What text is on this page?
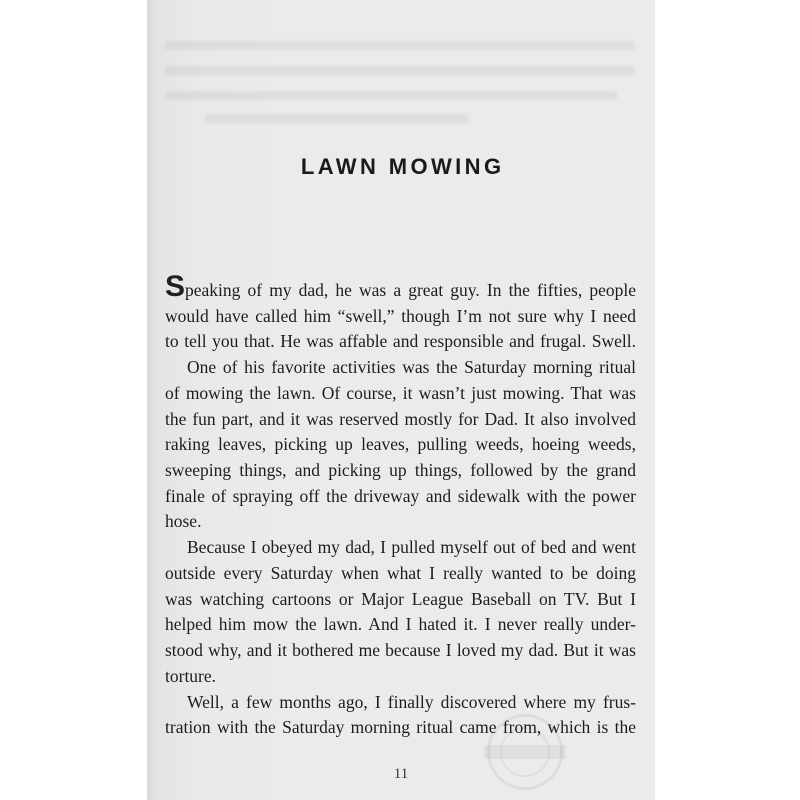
LAWN MOWING
Speaking of my dad, he was a great guy. In the fifties, people
would have called him “swell,” though I’m not sure why I need
to tell you that. He was affable and responsible and frugal. Swell.
One of his favorite activities was the Saturday morning ritual
of mowing the lawn. Of course, it wasn’t just mowing. That was
the fun part, and it was reserved mostly for Dad. It also involved
raking leaves, picking up leaves, pulling weeds, hoeing weeds,
sweeping things, and picking up things, followed by the grand
finale of spraying off the driveway and sidewalk with the power
hose.
Because I obeyed my dad, I pulled myself out of bed and went
outside every Saturday when what I really wanted to be doing
was watching cartoons or Major League Baseball on TV. But I
helped him mow the lawn. And I hated it. I never really under-
stood why, and it bothered me because I loved my dad. But it was
torture.
Well, a few months ago, I finally discovered where my frus-
tration with the Saturday morning ritual came from, which is the
11
